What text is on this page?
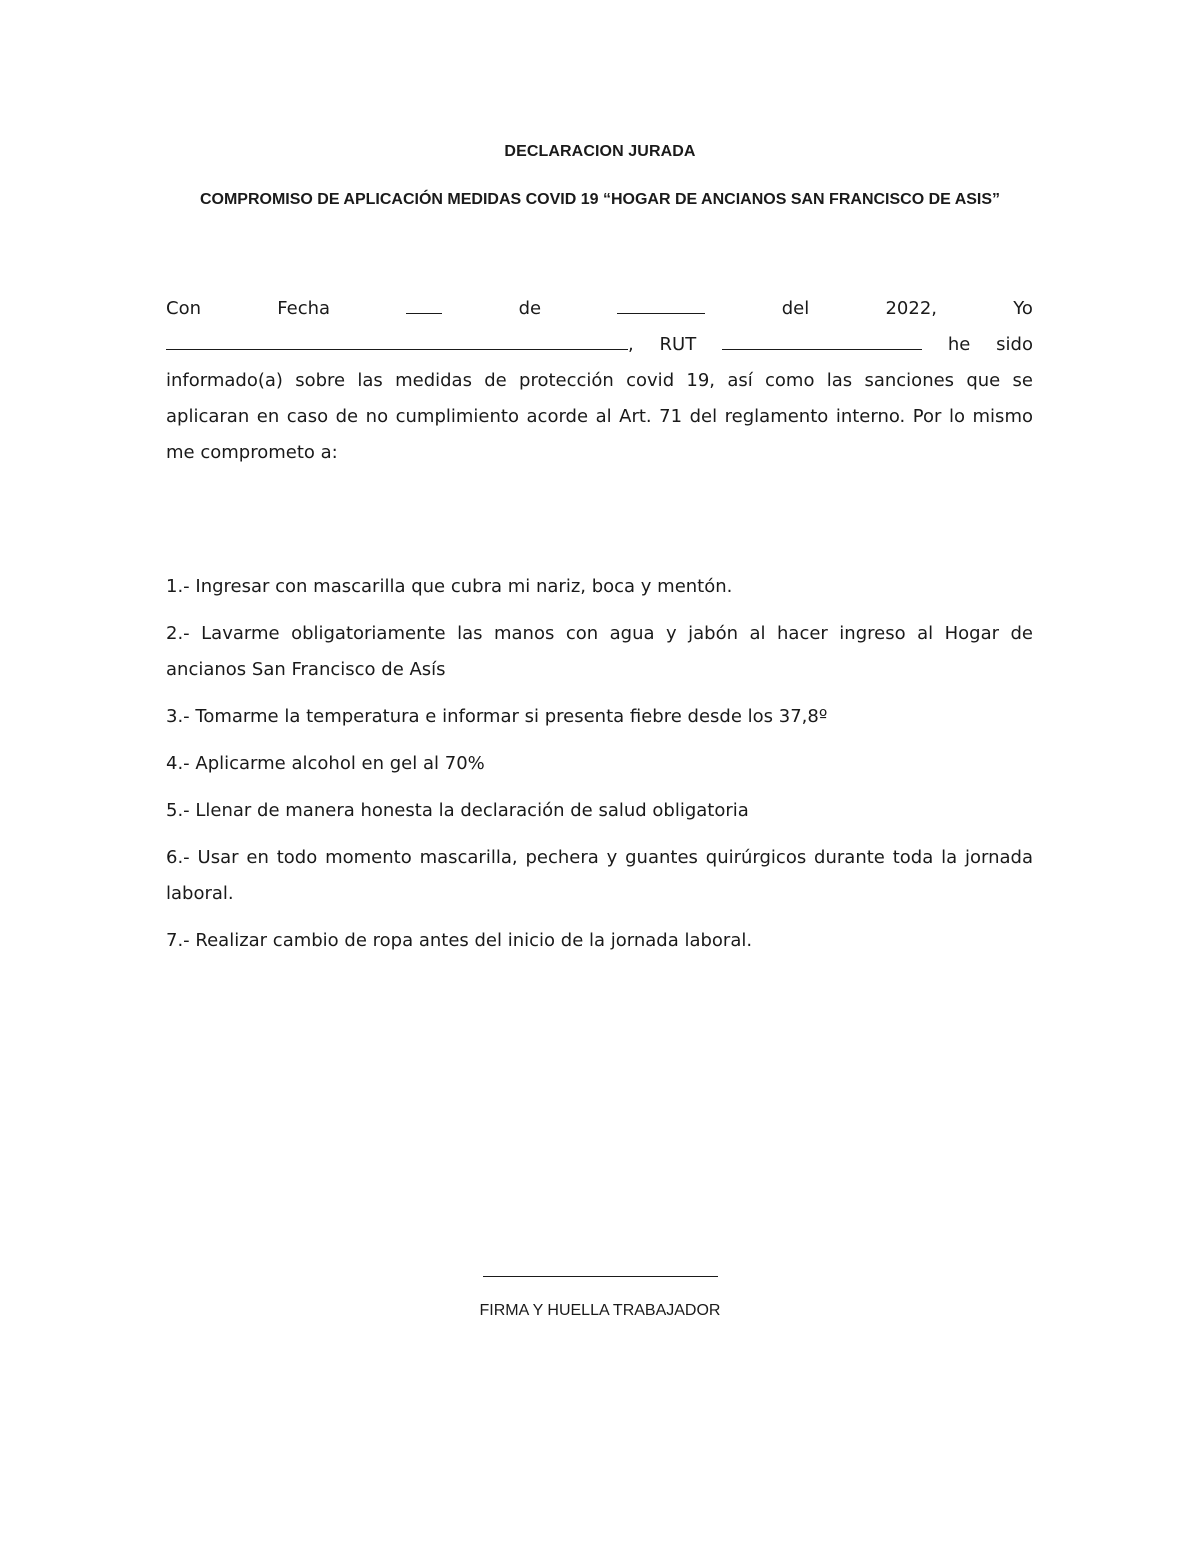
DECLARACION JURADA
COMPROMISO DE APLICACIÓN MEDIDAS COVID 19 “HOGAR DE ANCIANOS SAN FRANCISCO DE ASIS”
Con	Fecha	de	del	2022,	Yo
, RUT	he sido

informado(a) sobre las medidas de protección covid 19, así como las sanciones que se aplicaran en caso de no cumplimiento acorde al Art. 71 del reglamento interno. Por lo mismo me comprometo a:

1.- Ingresar con mascarilla que cubra mi nariz, boca y mentón.

2.- Lavarme obligatoriamente las manos con agua y jabón al hacer ingreso al Hogar de ancianos San Francisco de Asís

3.- Tomarme la temperatura e informar si presenta fiebre desde los 37,8º

4.- Aplicarme alcohol en gel al 70%

5.- Llenar de manera honesta la declaración de salud obligatoria

6.- Usar en todo momento mascarilla, pechera y guantes quirúrgicos durante toda la jornada laboral.

7.- Realizar cambio de ropa antes del inicio de la jornada laboral.

FIRMA Y HUELLA TRABAJADOR
